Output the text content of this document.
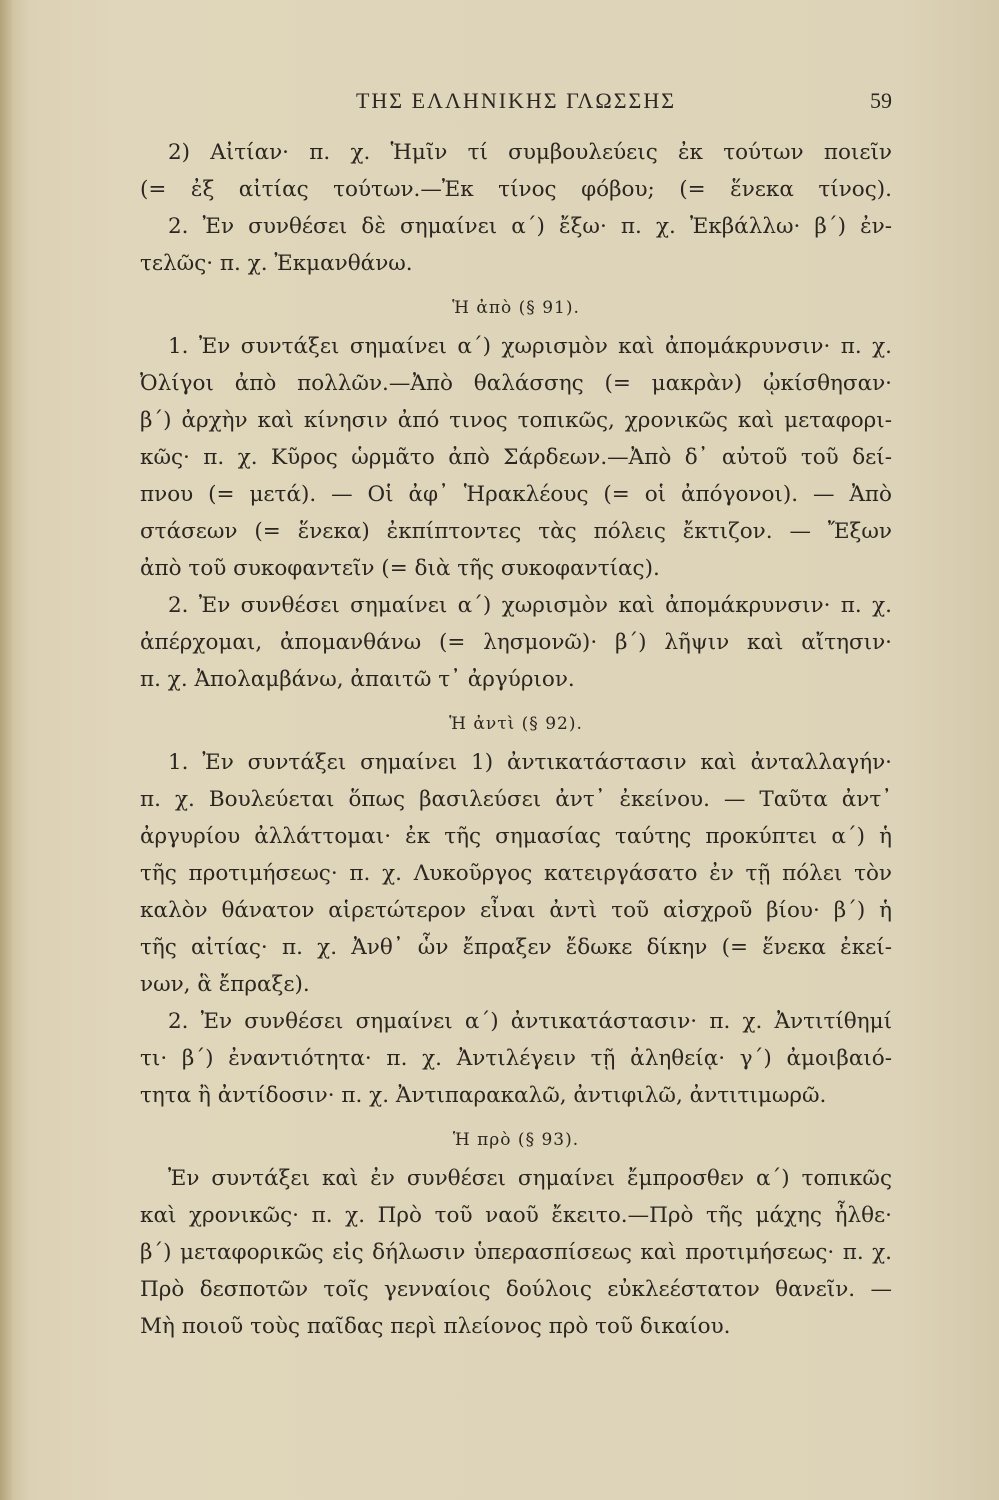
ΤΗΣ ΕΛΛΗΝΙΚΗΣ ΓΛΩΣΣΗΣ	59
2) Αἰτίαν· π. χ. Ἡμῖν τί συμβουλεύεις ἐκ τούτων ποιεῖν
(= ἐξ αἰτίας τούτων.—Ἐκ τίνος φόβου; (= ἕνεκα τίνος).
2. Ἐν συνθέσει δὲ σημαίνει α΄) ἔξω· π. χ. Ἐκβάλλω· β΄) ἐν-
τελῶς· π. χ. Ἐκμανθάνω.
Ἡ ἀπὸ (§ 91).
1. Ἐν συντάξει σημαίνει α΄) χωρισμὸν καὶ ἀπομάκρυνσιν· π. χ.
Ὀλίγοι ἀπὸ πολλῶν.—Ἀπὸ θαλάσσης (= μακρὰν) ᾠκίσθησαν·
β΄) ἀρχὴν καὶ κίνησιν ἀπό τινος τοπικῶς, χρονικῶς καὶ μεταφορι-
κῶς· π. χ. Κῦρος ὡρμᾶτο ἀπὸ Σάρδεων.—Ἀπὸ δ᾽ αὐτοῦ τοῦ δεί-
πνου (= μετά). — Οἱ ἀφ᾽ Ἡρακλέους (= οἱ ἀπόγονοι). — Ἀπὸ
στάσεων (= ἕνεκα) ἐκπίπτοντες τὰς πόλεις ἔκτιζον. — Ἔξων
ἀπὸ τοῦ συκοφαντεῖν (= διὰ τῆς συκοφαντίας).
2. Ἐν συνθέσει σημαίνει α΄) χωρισμὸν καὶ ἀπομάκρυνσιν· π. χ.
ἀπέρχομαι, ἀπομανθάνω (= λησμονῶ)· β΄) λῆψιν καὶ αἴτησιν·
π. χ. Ἀπολαμβάνω, ἀπαιτῶ τ᾽ ἀργύριον.
Ἡ ἀντὶ (§ 92).
1. Ἐν συντάξει σημαίνει 1) ἀντικατάστασιν καὶ ἀνταλλαγήν·
π. χ. Βουλεύεται ὅπως βασιλεύσει ἀντ᾽ ἐκείνου. — Ταῦτα ἀντ᾽
ἀργυρίου ἀλλάττομαι· ἐκ τῆς σημασίας ταύτης προκύπτει α΄) ἡ
τῆς προτιμήσεως· π. χ. Λυκοῦργος κατειργάσατο ἐν τῇ πόλει τὸν
καλὸν θάνατον αἱρετώτερον εἶναι ἀντὶ τοῦ αἰσχροῦ βίου· β΄) ἡ
τῆς αἰτίας· π. χ. Ἀνθ᾽ ὧν ἔπραξεν ἔδωκε δίκην (= ἕνεκα ἐκεί-
νων, ἃ ἔπραξε).
2. Ἐν συνθέσει σημαίνει α΄) ἀντικατάστασιν· π. χ. Ἀντιτίθημί
τι· β΄) ἐναντιότητα· π. χ. Ἀντιλέγειν τῇ ἀληθείᾳ· γ΄) ἀμοιβαιό-
τητα ἢ ἀντίδοσιν· π. χ. Ἀντιπαρακαλῶ, ἀντιφιλῶ, ἀντιτιμωρῶ.
Ἡ πρὸ (§ 93).
Ἐν συντάξει καὶ ἐν συνθέσει σημαίνει ἔμπροσθεν α΄) τοπικῶς
καὶ χρονικῶς· π. χ. Πρὸ τοῦ ναοῦ ἔκειτο.—Πρὸ τῆς μάχης ἦλθε·
β΄) μεταφορικῶς εἰς δήλωσιν ὑπερασπίσεως καὶ προτιμήσεως· π. χ.
Πρὸ δεσποτῶν τοῖς γενναίοις δούλοις εὐκλεέστατον θανεῖν. —
Μὴ ποιοῦ τοὺς παῖδας περὶ πλείονος πρὸ τοῦ δικαίου.
